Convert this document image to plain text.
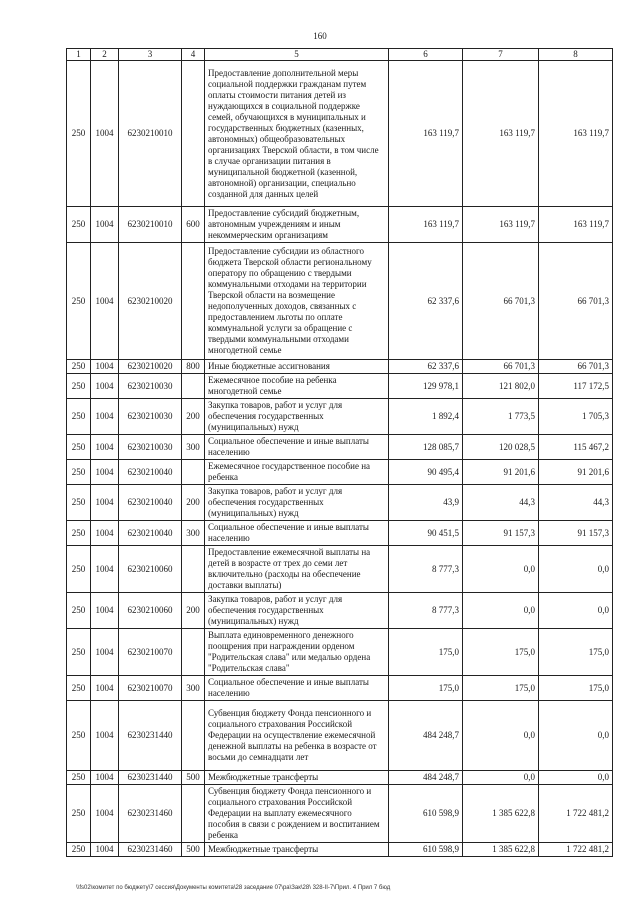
160
1	2	3	4	5	6	7	8
250	1004	6230210010		Предоставление дополнительной меры социальной поддержки гражданам путем оплаты стоимости питания детей из нуждающихся в социальной поддержке семей, обучающихся в муниципальных и государственных бюджетных (казенных, автономных) общеобразовательных организациях Тверской области, в том числе в случае организации питания в муниципальной бюджетной (казенной, автономной) организации, специально созданной для данных целей	163 119,7	163 119,7	163 119,7
250	1004	6230210010	600	Предоставление субсидий бюджетным, автономным учреждениям и иным некоммерческим организациям	163 119,7	163 119,7	163 119,7
250	1004	6230210020		Предоставление субсидии из областного бюджета Тверской области региональному оператору по обращению с твердыми коммунальными отходами на территории Тверской области на возмещение недополученных доходов, связанных с предоставлением льготы по оплате коммунальной услуги за обращение с твердыми коммунальными отходами многодетной семье	62 337,6	66 701,3	66 701,3
250	1004	6230210020	800	Иные бюджетные ассигнования	62 337,6	66 701,3	66 701,3
250	1004	6230210030		Ежемесячное пособие на ребенка многодетной семье	129 978,1	121 802,0	117 172,5
250	1004	6230210030	200	Закупка товаров, работ и услуг для обеспечения государственных (муниципальных) нужд	1 892,4	1 773,5	1 705,3
250	1004	6230210030	300	Социальное обеспечение и иные выплаты населению	128 085,7	120 028,5	115 467,2
250	1004	6230210040		Ежемесячное государственное пособие на ребенка	90 495,4	91 201,6	91 201,6
250	1004	6230210040	200	Закупка товаров, работ и услуг для обеспечения государственных (муниципальных) нужд	43,9	44,3	44,3
250	1004	6230210040	300	Социальное обеспечение и иные выплаты населению	90 451,5	91 157,3	91 157,3
250	1004	6230210060		Предоставление ежемесячной выплаты на детей в возрасте от трех до семи лет включительно (расходы на обеспечение доставки выплаты)	8 777,3	0,0	0,0
250	1004	6230210060	200	Закупка товаров, работ и услуг для обеспечения государственных (муниципальных) нужд	8 777,3	0,0	0,0
250	1004	6230210070		Выплата единовременного денежного поощрения при награждении орденом "Родительская слава" или медалью ордена "Родительская слава"	175,0	175,0	175,0
250	1004	6230210070	300	Социальное обеспечение и иные выплаты населению	175,0	175,0	175,0
250	1004	6230231440		Субвенция бюджету Фонда пенсионного и социального страхования Российской Федерации на осуществление ежемесячной денежной выплаты на ребенка в возрасте от восьми до семнадцати лет	484 248,7	0,0	0,0
250	1004	6230231440	500	Межбюджетные трансферты	484 248,7	0,0	0,0
250	1004	6230231460		Субвенция бюджету Фонда пенсионного и социального страхования Российской Федерации на выплату ежемесячного пособия в связи с рождением и воспитанием ребенка	610 598,9	1 385 622,8	1 722 481,2
250	1004	6230231460	500	Межбюджетные трансферты	610 598,9	1 385 622,8	1 722 481,2
\\fs02\комитет по бюджету\7 сессия\Документы комитета\28 заседание 07\ра\Зак\28\ 328-II-7\Прил. 4 Прил 7 бюд
